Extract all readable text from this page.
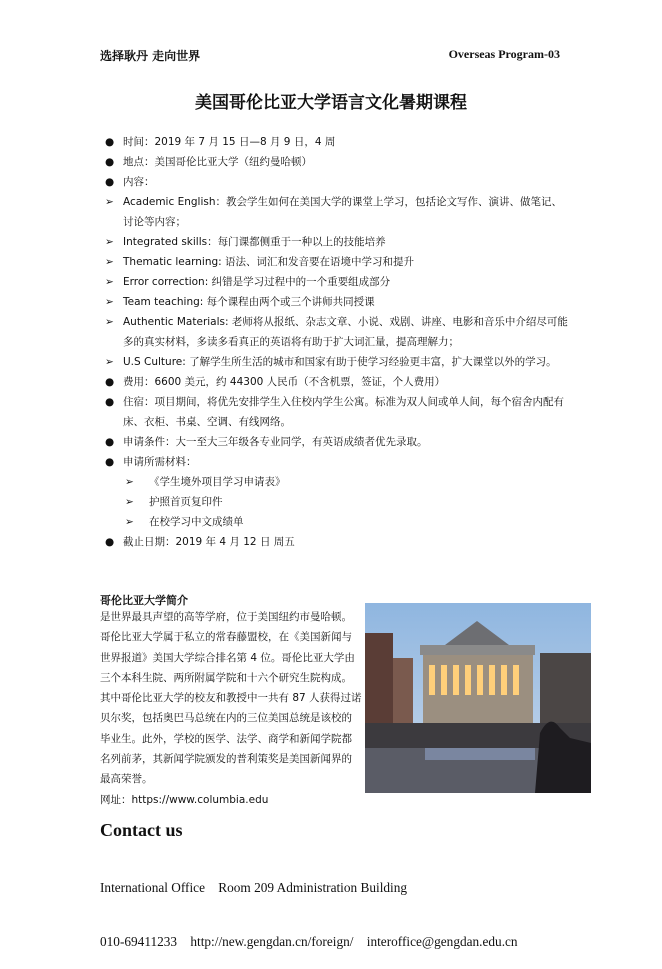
选择耿丹 走向世界	Overseas Program-03
美国哥伦比亚大学语言文化暑期课程
● 时间：2019 年 7 月 15 日—8 月 9 日，4 周
● 地点：美国哥伦比亚大学（纽约曼哈顿）
● 内容：
➢ Academic English：教会学生如何在美国大学的课堂上学习，包括论文写作、演讲、做笔记、讨论等内容；
➢ Integrated skills：每门课都侧重于一种以上的技能培养
➢ Thematic learning: 语法、词汇和发音要在语境中学习和提升
➢ Error correction: 纠错是学习过程中的一个重要组成部分
➢ Team teaching: 每个课程由两个或三个讲师共同授课
➢ Authentic Materials: 老师将从报纸、杂志文章、小说、戏剧、讲座、电影和音乐中介绍尽可能多的真实材料，多读多看真正的英语将有助于扩大词汇量，提高理解力；
➢ U.S Culture: 了解学生所生活的城市和国家有助于使学习经验更丰富，扩大课堂以外的学习。
● 费用：6600 美元，约 44300 人民币（不含机票，签证，个人费用）
● 住宿：项目期间，将优先安排学生入住校内学生公寓。标准为双人间或单人间，每个宿舍内配有床、衣柜、书桌、空调、有线网络。
● 申请条件：大一至大三年级各专业同学，有英语成绩者优先录取。
● 申请所需材料：
➢	《学生境外项目学习申请表》
➢	护照首页复印件
➢	在校学习中文成绩单
● 截止日期：2019 年 4 月 12 日 周五
哥伦比亚大学简介
是世界最具声望的高等学府，位于美国纽约市曼哈顿。哥伦比亚大学属于私立的常春藤盟校，在《美国新闻与世界报道》美国大学综合排名第 4 位。哥伦比亚大学由三个本科生院、两所附属学院和十六个研究生院构成。其中哥伦比亚大学的校友和教授中一共有 87 人获得过诺贝尔奖，包括奥巴马总统在内的三位美国总统是该校的毕业生。此外，学校的医学、法学、商学和新闻学院都名列前茅，其新闻学院颁发的普利策奖是美国新闻界的最高荣誉。
网址：https://www.columbia.edu
Contact us

International Office    Room 209 Administration Building

010-69411233    http://new.gengdan.cn/foreign/    interoffice@gengdan.edu.cn
